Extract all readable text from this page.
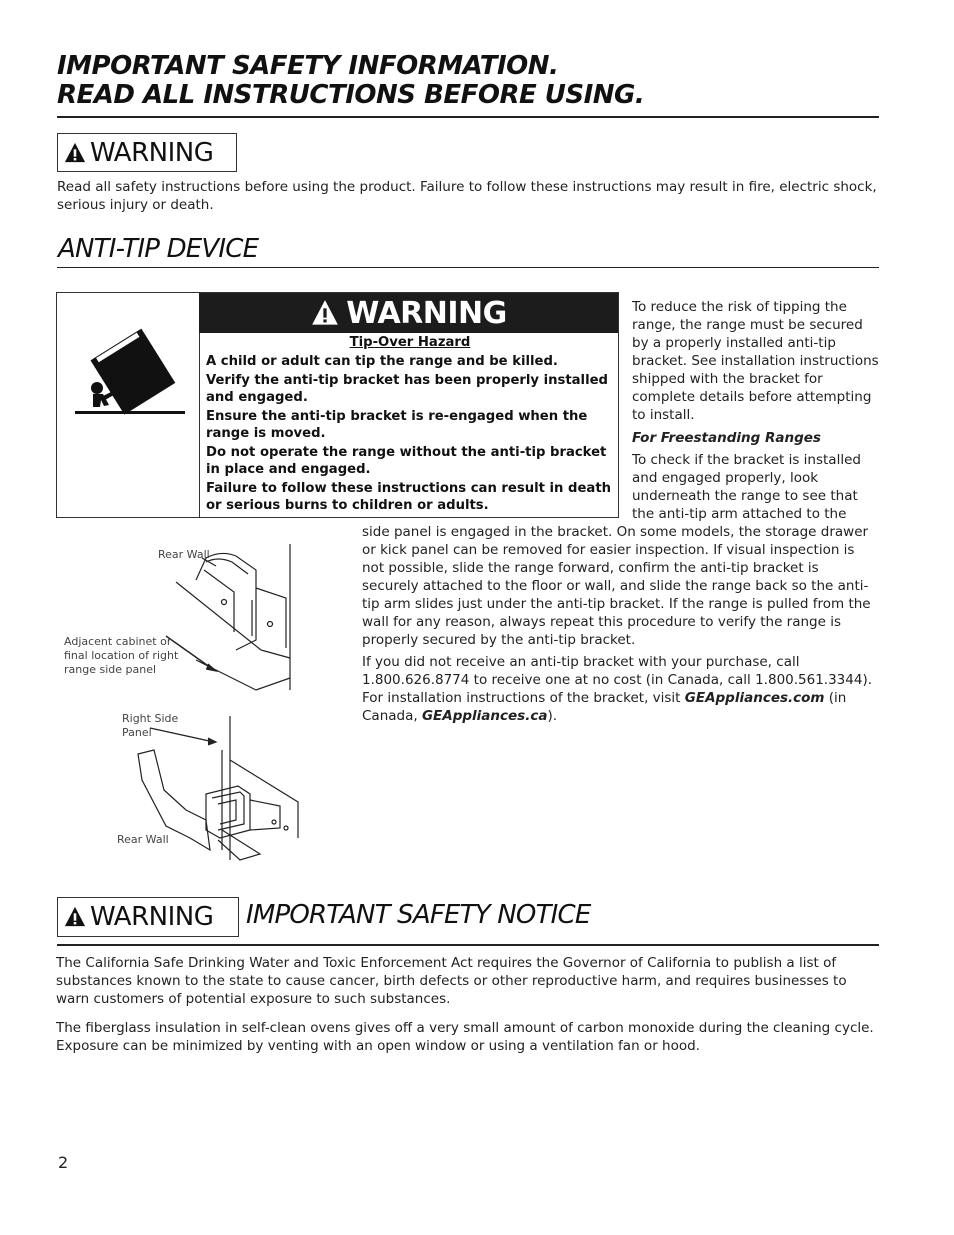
IMPORTANT SAFETY INFORMATION.
READ ALL INSTRUCTIONS BEFORE USING.
WARNING
Read all safety instructions before using the product. Failure to follow these instructions may result in fire, electric shock, serious injury or death.
ANTI-TIP DEVICE
WARNING
Tip-Over Hazard
A child or adult can tip the range and be killed.
Verify the anti-tip bracket has been properly installed and engaged.
Ensure the anti-tip bracket is re-engaged when the range is moved.
Do not operate the range without the anti-tip bracket in place and engaged.
Failure to follow these instructions can result in death or serious burns to children or adults.
To reduce the risk of tipping the range, the range must be secured by a properly installed anti-tip bracket. See installation instructions shipped with the bracket for complete details before attempting to install.
For Freestanding Ranges
To check if the bracket is installed and engaged properly, look underneath the range to see that the anti-tip arm attached to the
side panel is engaged in the bracket. On some models, the storage drawer or kick panel can be removed for easier inspection. If visual inspection is not possible, slide the range forward, confirm the anti-tip bracket is securely attached to the floor or wall, and slide the range back so the anti-tip arm slides just under the anti-tip bracket. If the range is pulled from the wall for any reason, always repeat this procedure to verify the range is properly secured by the anti-tip bracket.
If you did not receive an anti-tip bracket with your purchase, call 1.800.626.8774 to receive one at no cost (in Canada, call 1.800.561.3344). For installation instructions of the bracket, visit GEAppliances.com (in Canada, GEAppliances.ca).
Rear Wall
Adjacent cabinet or
final location of right
range side panel
Right Side
Panel
Rear Wall
WARNING IMPORTANT SAFETY NOTICE
The California Safe Drinking Water and Toxic Enforcement Act requires the Governor of California to publish a list of substances known to the state to cause cancer, birth defects or other reproductive harm, and requires businesses to warn customers of potential exposure to such substances.
The fiberglass insulation in self-clean ovens gives off a very small amount of carbon monoxide during the cleaning cycle. Exposure can be minimized by venting with an open window or using a ventilation fan or hood.
2
